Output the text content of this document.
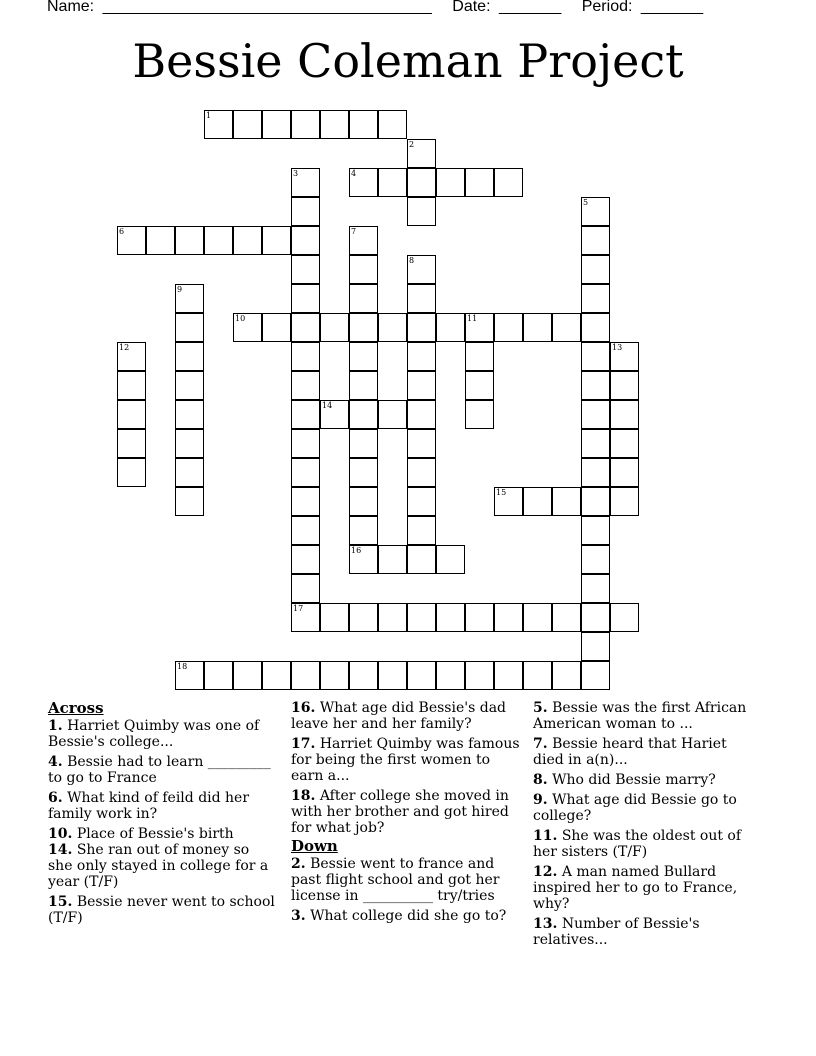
Name: _____________________________________ Date: _______ Period: _______
Bessie Coleman Project
1
2
3	4
5
6	7
8
9
10	11
12	13
14
15
16
17
18
Across
1. Harriet Quimby was one of Bessie's college...
4. Bessie had to learn _________ to go to France
6. What kind of feild did her family work in?
10. Place of Bessie's birth
14. She ran out of money so she only stayed in college for a year (T/F)
15. Bessie never went to school (T/F)
16. What age did Bessie's dad leave her and her family?
17. Harriet Quimby was famous for being the first women to earn a...
18. After college she moved in with her brother and got hired for what job?
Down
2. Bessie went to france and past flight school and got her license in __________ try/tries
3. What college did she go to?
5. Bessie was the first African American woman to ...
7. Bessie heard that Hariet died in a(n)...
8. Who did Bessie marry?
9. What age did Bessie go to college?
11. She was the oldest out of her sisters (T/F)
12. A man named Bullard inspired her to go to France, why?
13. Number of Bessie's relatives...
